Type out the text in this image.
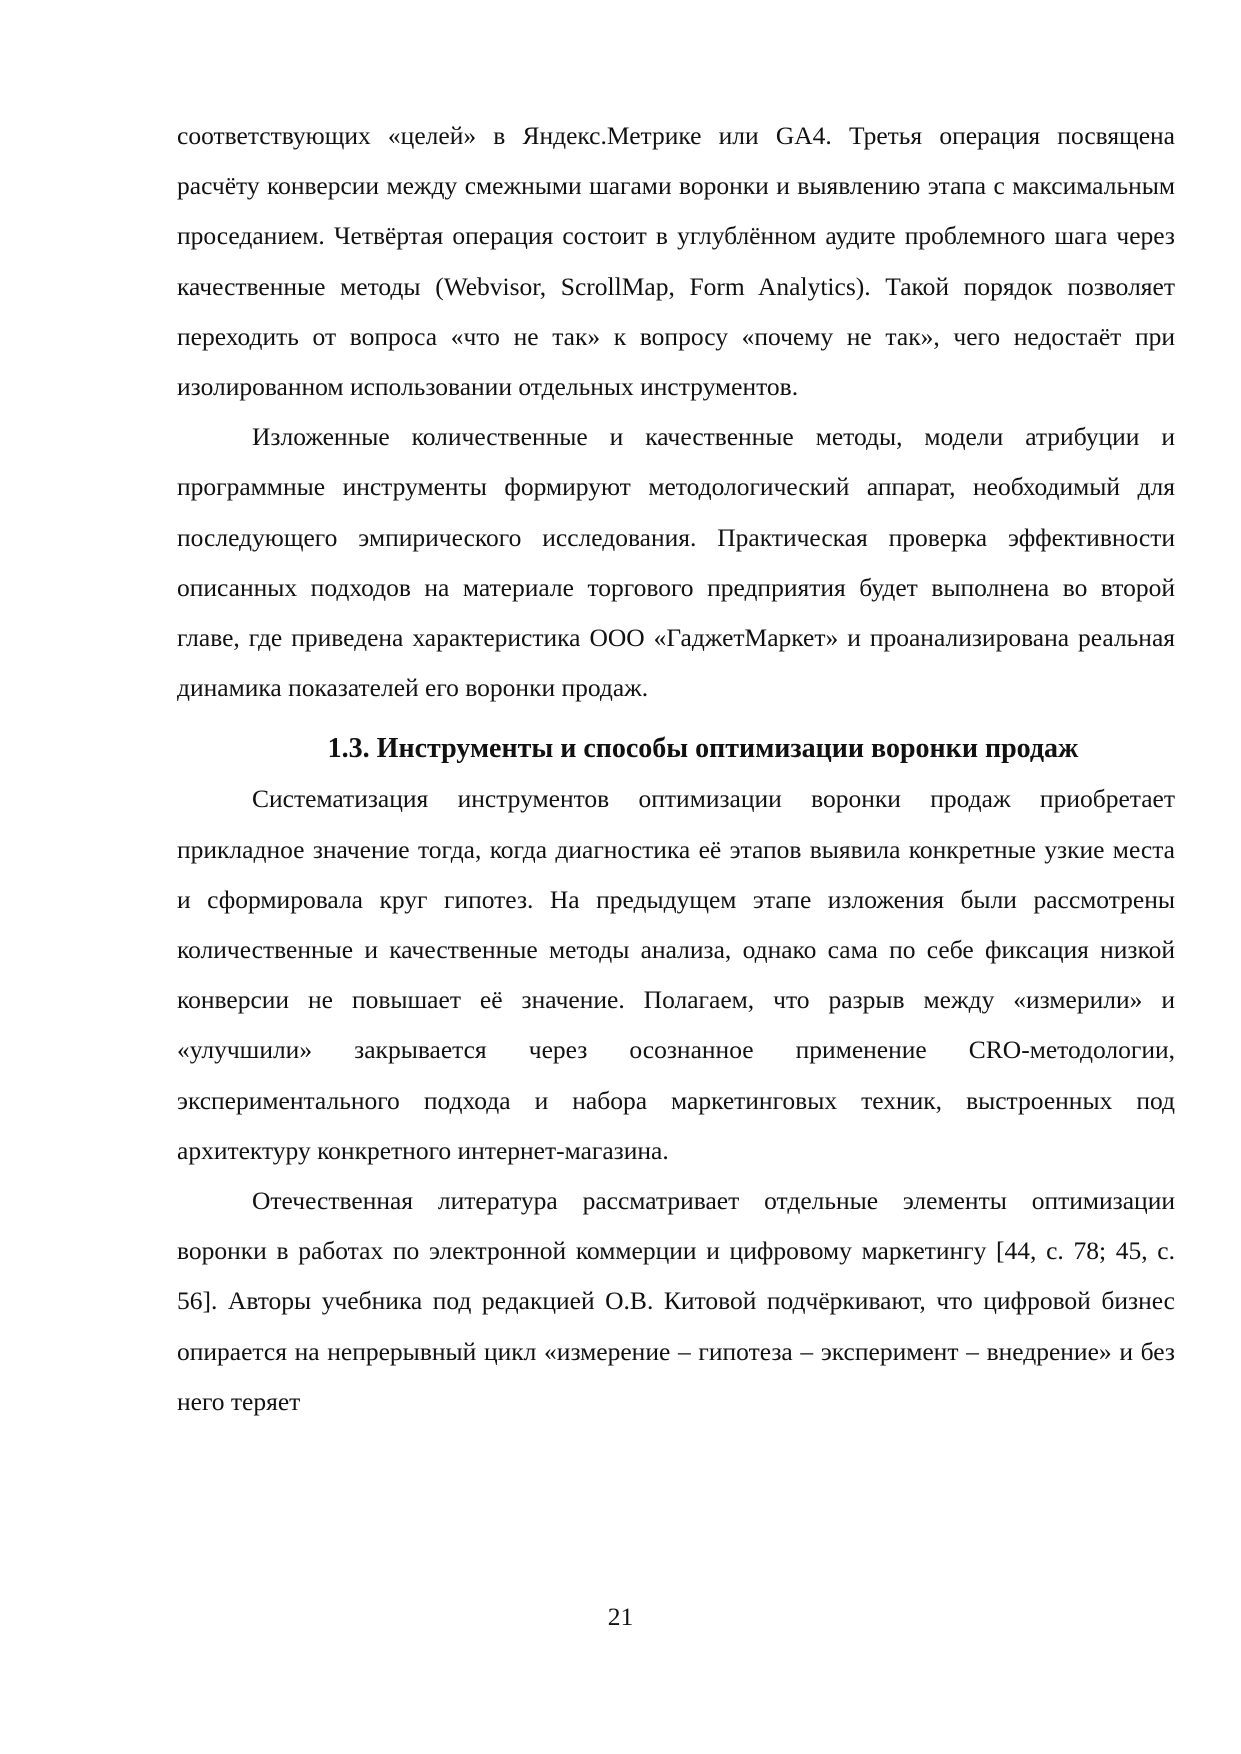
соответствующих «целей» в Яндекс.Метрике или GA4. Третья операция посвящена расчёту конверсии между смежными шагами воронки и выявлению этапа с максимальным проседанием. Четвёртая операция состоит в углублённом аудите проблемного шага через качественные методы (Webvisor, ScrollMap, Form Analytics). Такой порядок позволяет переходить от вопроса «что не так» к вопросу «почему не так», чего недостаёт при изолированном использовании отдельных инструментов.

Изложенные количественные и качественные методы, модели атрибуции и программные инструменты формируют методологический аппарат, необходимый для последующего эмпирического исследования. Практическая проверка эффективности описанных подходов на материале торгового предприятия будет выполнена во второй главе, где приведена характеристика ООО «ГаджетМаркет» и проанализирована реальная динамика показателей его воронки продаж.

1.3. Инструменты и способы оптимизации воронки продаж

Систематизация инструментов оптимизации воронки продаж приобретает прикладное значение тогда, когда диагностика её этапов выявила конкретные узкие места и сформировала круг гипотез. На предыдущем этапе изложения были рассмотрены количественные и качественные методы анализа, однако сама по себе фиксация низкой конверсии не повышает её значение. Полагаем, что разрыв между «измерили» и «улучшили» закрывается через осознанное применение CRO-методологии, экспериментального подхода и набора маркетинговых техник, выстроенных под архитектуру конкретного интернет-магазина.

Отечественная литература рассматривает отдельные элементы оптимизации воронки в работах по электронной коммерции и цифровому маркетингу [44, с. 78; 45, с. 56]. Авторы учебника под редакцией О.В. Китовой подчёркивают, что цифровой бизнес опирается на непрерывный цикл «измерение – гипотеза – эксперимент – внедрение» и без него теряет

21
